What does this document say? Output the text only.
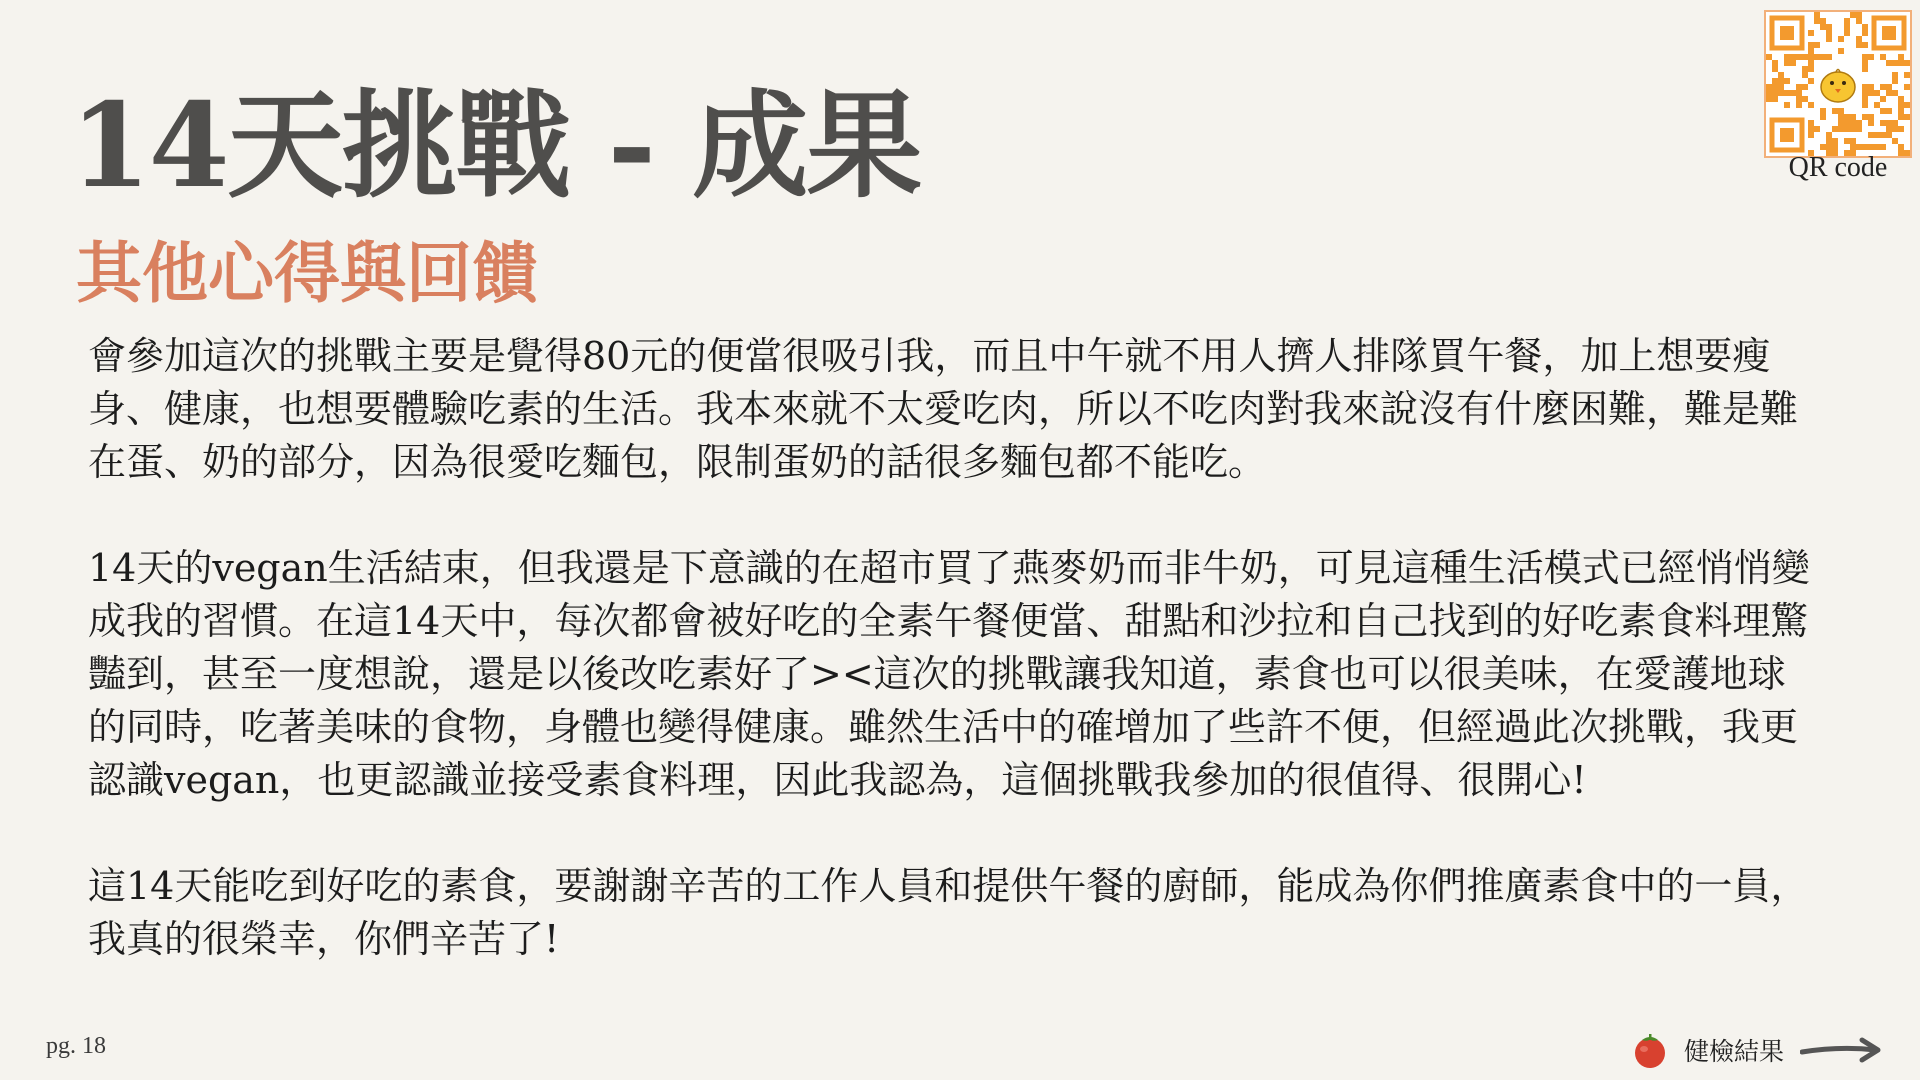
14天挑戰 - 成果
其他心得與回饋

會參加這次的挑戰主要是覺得80元的便當很吸引我，而且中午就不用人擠人排隊買午餐，加上想要瘦身、健康，也想要體驗吃素的生活。我本來就不太愛吃肉，所以不吃肉對我來說沒有什麼困難，難是難在蛋、奶的部分，因為很愛吃麵包，限制蛋奶的話很多麵包都不能吃。

14天的vegan生活結束，但我還是下意識的在超市買了燕麥奶而非牛奶，可見這種生活模式已經悄悄變成我的習慣。在這14天中，每次都會被好吃的全素午餐便當、甜點和沙拉和自己找到的好吃素食料理驚豔到，甚至一度想說，還是以後改吃素好了><這次的挑戰讓我知道，素食也可以很美味，在愛護地球的同時，吃著美味的食物，身體也變得健康。雖然生活中的確增加了些許不便，但經過此次挑戰，我更認識vegan，也更認識並接受素食料理，因此我認為，這個挑戰我參加的很值得、很開心!

這14天能吃到好吃的素食，要謝謝辛苦的工作人員和提供午餐的廚師，能成為你們推廣素食中的一員，我真的很榮幸，你們辛苦了!

QR code
pg. 18	健檢結果
